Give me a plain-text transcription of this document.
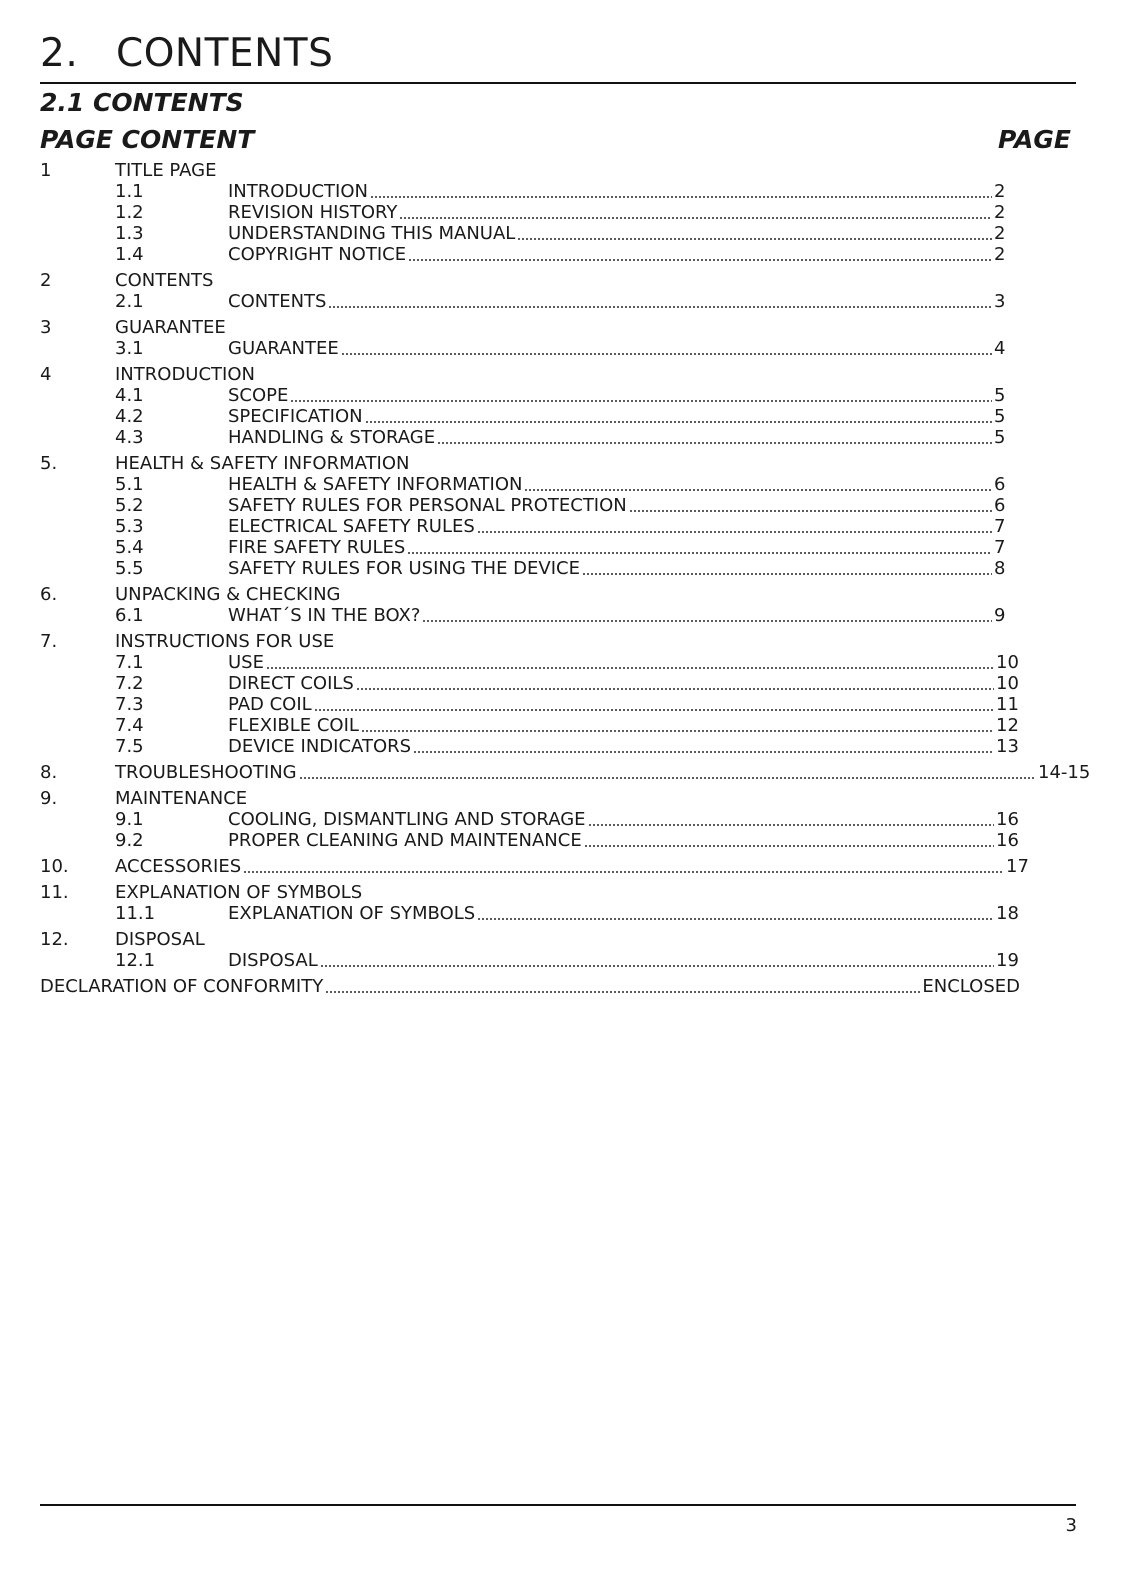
2. CONTENTS
2.1 CONTENTS
PAGE CONTENT	PAGE
1	TITLE PAGE
1.1	INTRODUCTION	2
1.2	REVISION HISTORY	2
1.3	UNDERSTANDING THIS MANUAL	2
1.4	COPYRIGHT NOTICE	2
2	CONTENTS
2.1	CONTENTS	3
3	GUARANTEE
3.1	GUARANTEE	4
4	INTRODUCTION
4.1	SCOPE	5
4.2	SPECIFICATION	5
4.3	HANDLING & STORAGE	5
5.	HEALTH & SAFETY INFORMATION
5.1	HEALTH & SAFETY INFORMATION	6
5.2	SAFETY RULES FOR PERSONAL PROTECTION	6
5.3	ELECTRICAL SAFETY RULES	7
5.4	FIRE SAFETY RULES	7
5.5	SAFETY RULES FOR USING THE DEVICE	8
6.	UNPACKING & CHECKING
6.1	WHAT´S IN THE BOX?	9
7.	INSTRUCTIONS FOR USE
7.1	USE	10
7.2	DIRECT COILS	10
7.3	PAD COIL	11
7.4	FLEXIBLE COIL	12
7.5	DEVICE INDICATORS	13
8.	TROUBLESHOOTING	14-15
9.	MAINTENANCE
9.1	COOLING, DISMANTLING AND STORAGE	16
9.2	PROPER CLEANING AND MAINTENANCE	16
10.	ACCESSORIES	17
11.	EXPLANATION OF SYMBOLS
11.1	EXPLANATION OF SYMBOLS	18
12.	DISPOSAL
12.1	DISPOSAL	19
DECLARATION OF CONFORMITY	ENCLOSED
3
